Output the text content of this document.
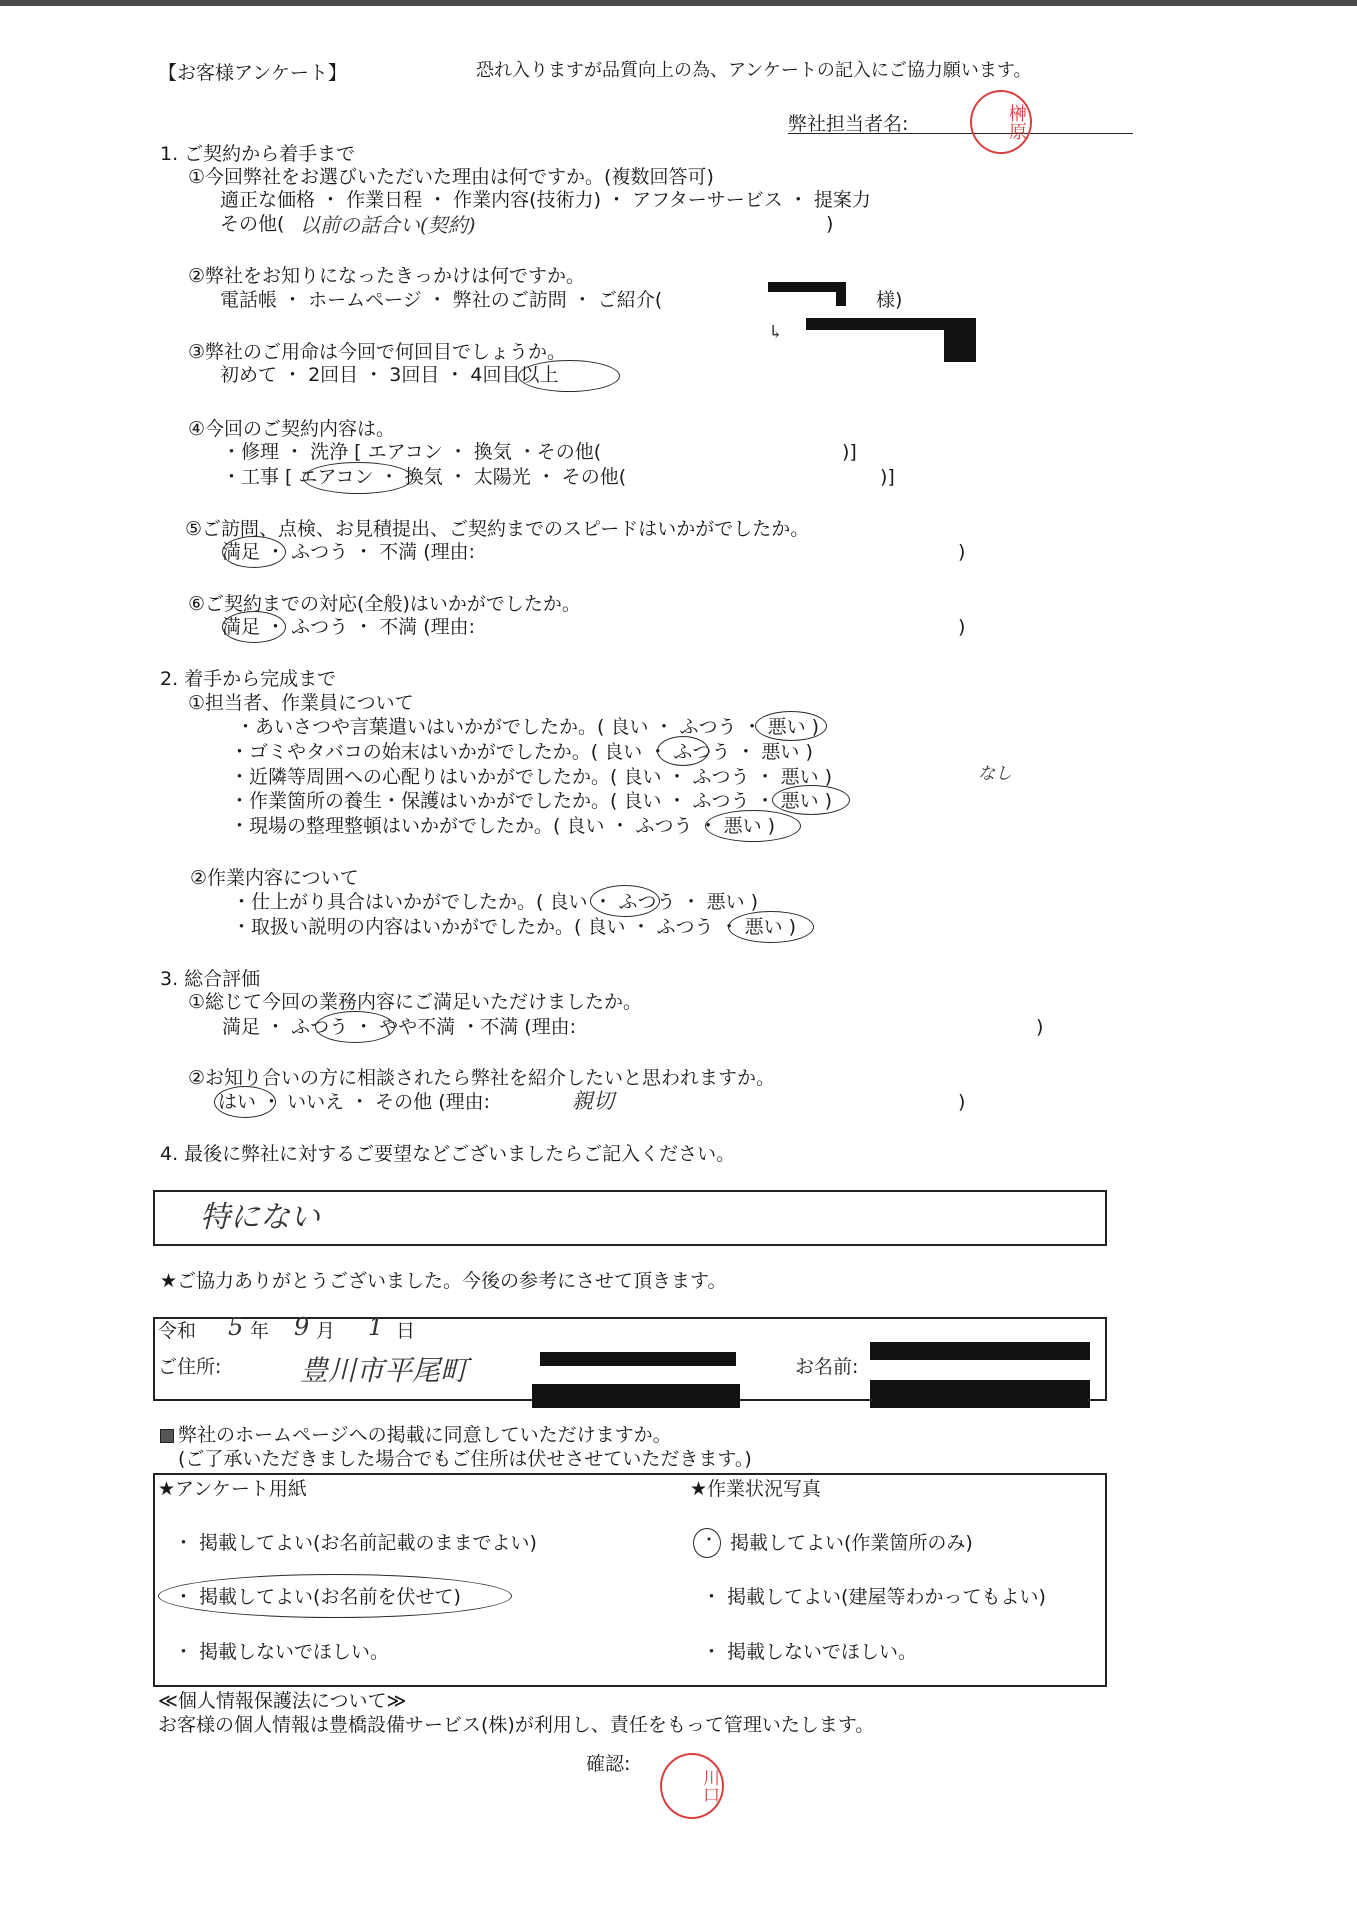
【お客様アンケート】	恐れ入りますが品質向上の為、アンケートの記入にご協力願います。
弊社担当者名:	榊原
1. ご契約から着手まで
①今回弊社をお選びいただいた理由は何ですか。(複数回答可)
適正な価格 ・ 作業日程 ・ 作業内容(技術力) ・ アフターサービス ・ 提案力
その他( 以前の話合い(契約)	)
②弊社をお知りになったきっかけは何ですか。
電話帳 ・ ホームページ ・ 弊社のご訪問 ・ ご紹介(	様)
↳
③弊社のご用命は今回で何回目でしょうか。
初めて ・ 2回目 ・ 3回目 ・ 4回目以上
④今回のご契約内容は。
・修理 ・ 洗浄 [ エアコン ・ 換気 ・その他(	)]
・工事 [ エアコン ・ 換気 ・ 太陽光 ・ その他(	)]
⑤ご訪問、点検、お見積提出、ご契約までのスピードはいかがでしたか。
満足 ・ ふつう ・ 不満 (理由:	)
⑥ご契約までの対応(全般)はいかがでしたか。
満足 ・ ふつう ・ 不満 (理由:	)
2. 着手から完成まで
①担当者、作業員について
・あいさつや言葉遣いはいかがでしたか。( 良い ・ ふつう ・ 悪い )
・ゴミやタバコの始末はいかがでしたか。( 良い ・ ふつう ・ 悪い )
・近隣等周囲への心配りはいかがでしたか。( 良い ・ ふつう ・ 悪い )	なし
・作業箇所の養生・保護はいかがでしたか。( 良い ・ ふつう ・ 悪い )
・現場の整理整頓はいかがでしたか。( 良い ・ ふつう ・ 悪い )
②作業内容について
・仕上がり具合はいかがでしたか。( 良い ・ ふつう ・ 悪い )
・取扱い説明の内容はいかがでしたか。( 良い ・ ふつう ・ 悪い )
3. 総合評価
①総じて今回の業務内容にご満足いただけましたか。
満足 ・ ふつう ・ やや不満 ・不満 (理由:	)
②お知り合いの方に相談されたら弊社を紹介したいと思われますか。
はい ・ いいえ ・ その他 (理由:	親切	)
4. 最後に弊社に対するご要望などございましたらご記入ください。
特にない
★ご協力ありがとうございました。今後の参考にさせて頂きます。
令和 5 年 9 月 1 日
ご住所:	豊川市平尾町	お名前:
弊社のホームページへの掲載に同意していただけますか。
(ご了承いただきました場合でもご住所は伏せさせていただきます。)
★アンケート用紙	★作業状況写真
・ 掲載してよい(お名前記載のままでよい)
・ 掲載してよい(お名前を伏せて)
・ 掲載しないでほしい。
・ 掲載してよい(作業箇所のみ)
・ 掲載してよい(建屋等わかってもよい)
・ 掲載しないでほしい。
≪個人情報保護法について≫
お客様の個人情報は豊橋設備サービス(株)が利用し、責任をもって管理いたします。
確認:
川口
